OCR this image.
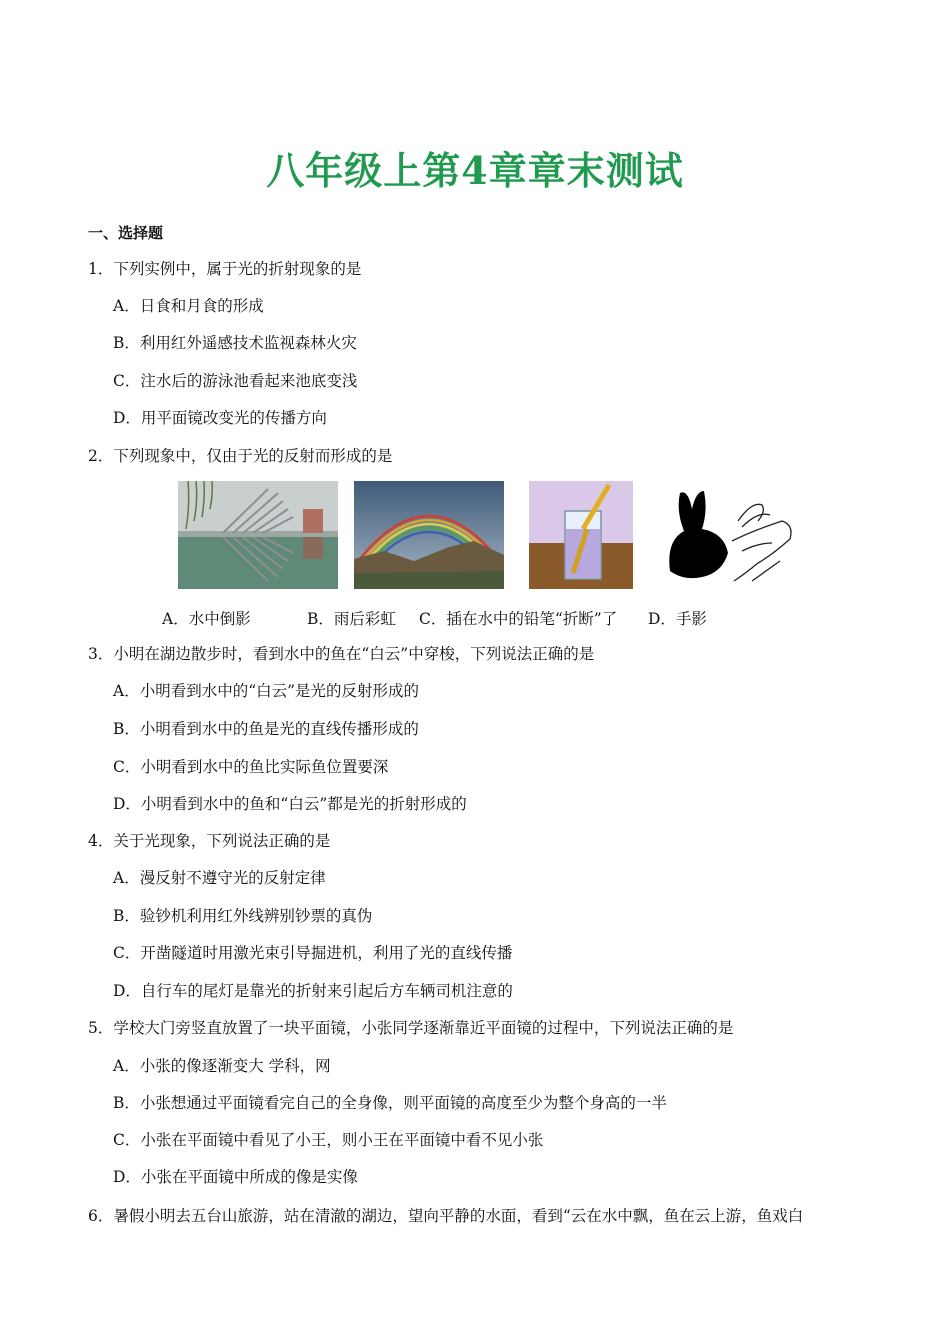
八年级上第4章章末测试
一、选择题
1．下列实例中，属于光的折射现象的是
A．日食和月食的形成
B．利用红外遥感技术监视森林火灾
C．注水后的游泳池看起来池底变浅
D．用平面镜改变光的传播方向
2．下列现象中，仅由于光的反射而形成的是
A．水中倒影	B．雨后彩虹 C．插在水中的铅笔“折断”了 D．手影
3．小明在湖边散步时，看到水中的鱼在“白云”中穿梭，下列说法正确的是
A．小明看到水中的“白云”是光的反射形成的
B．小明看到水中的鱼是光的直线传播形成的
C．小明看到水中的鱼比实际鱼位置要深
D．小明看到水中的鱼和“白云”都是光的折射形成的
4．关于光现象，下列说法正确的是
A．漫反射不遵守光的反射定律
B．验钞机利用红外线辨别钞票的真伪
C．开凿隧道时用激光束引导掘进机，利用了光的直线传播
D．自行车的尾灯是靠光的折射来引起后方车辆司机注意的
5．学校大门旁竖直放置了一块平面镜，小张同学逐渐靠近平面镜的过程中，下列说法正确的是
A．小张的像逐渐变大 学科，网
B．小张想通过平面镜看完自己的全身像，则平面镜的高度至少为整个身高的一半
C．小张在平面镜中看见了小王，则小王在平面镜中看不见小张
D．小张在平面镜中所成的像是实像
6．暑假小明去五台山旅游，站在清澈的湖边，望向平静的水面，看到“云在水中飘，鱼在云上游，鱼戏白
